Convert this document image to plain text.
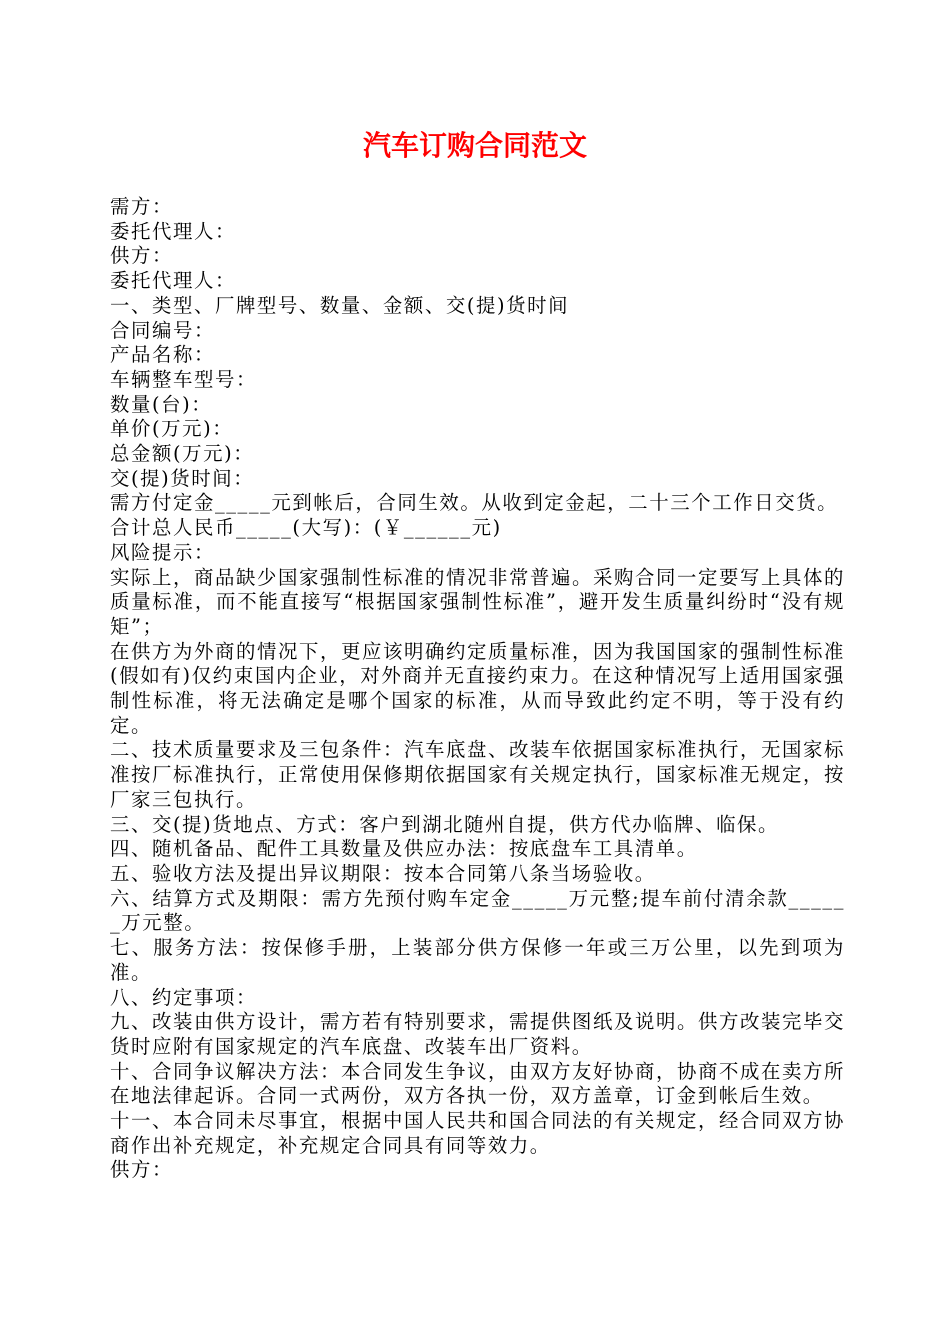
汽车订购合同范文

需方：

委托代理人：

供方：

委托代理人：

一、类型、厂牌型号、数量、金额、交(提)货时间

合同编号：

产品名称：

车辆整车型号：

数量(台)：

单价(万元)：

总金额(万元)：

交(提)货时间：

需方付定金_____元到帐后，合同生效。从收到定金起，二十三个工作日交货。

合计总人民币_____(大写)：(￥______元)

风险提示：

实际上，商品缺少国家强制性标准的情况非常普遍。采购合同一定要写上具体的质量标准，而不能直接写“根据国家强制性标准”，避开发生质量纠纷时“没有规矩”；

在供方为外商的情况下，更应该明确约定质量标准，因为我国国家的强制性标准(假如有)仅约束国内企业，对外商并无直接约束力。在这种情况写上适用国家强制性标准，将无法确定是哪个国家的标准，从而导致此约定不明，等于没有约定。

二、技术质量要求及三包条件：汽车底盘、改装车依据国家标准执行，无国家标准按厂标准执行，正常使用保修期依据国家有关规定执行，国家标准无规定，按厂家三包执行。

三、交(提)货地点、方式：客户到湖北随州自提，供方代办临牌、临保。

四、随机备品、配件工具数量及供应办法：按底盘车工具清单。

五、验收方法及提出异议期限：按本合同第八条当场验收。

六、结算方式及期限：需方先预付购车定金_____万元整;提车前付清余款______万元整。

七、服务方法：按保修手册，上装部分供方保修一年或三万公里，以先到项为准。

八、约定事项：

九、改装由供方设计，需方若有特别要求，需提供图纸及说明。供方改装完毕交货时应附有国家规定的汽车底盘、改装车出厂资料。

十、合同争议解决方法：本合同发生争议，由双方友好协商，协商不成在卖方所在地法律起诉。合同一式两份，双方各执一份，双方盖章，订金到帐后生效。

十一、本合同未尽事宜，根据中国人民共和国合同法的有关规定，经合同双方协商作出补充规定，补充规定合同具有同等效力。

供方：
